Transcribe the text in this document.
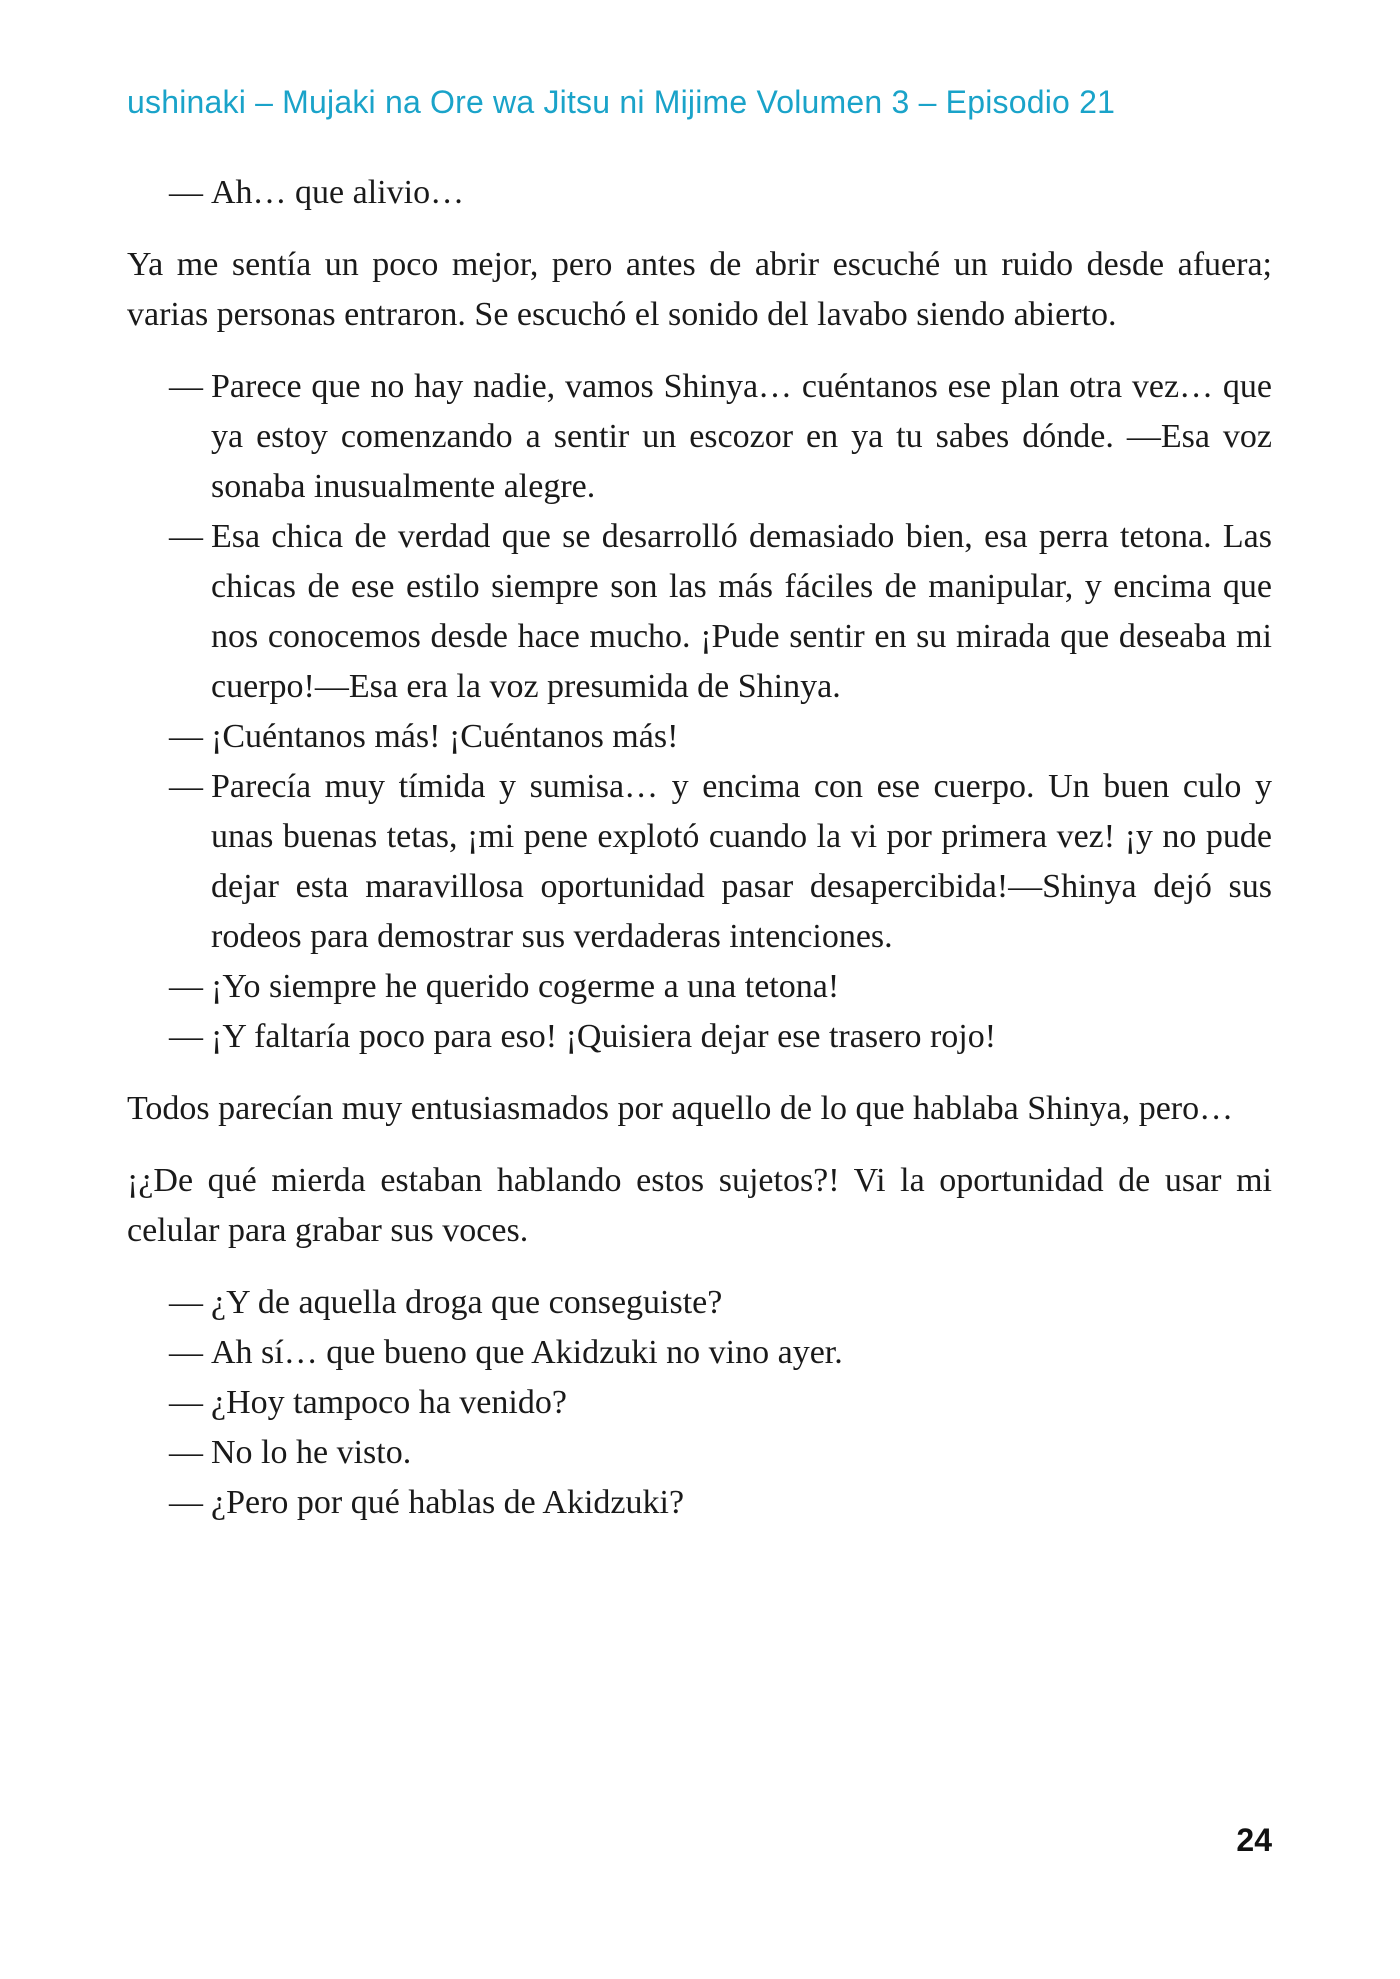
ushinaki – Mujaki na Ore wa Jitsu ni Mijime Volumen 3 – Episodio 21

— Ah… que alivio…

Ya me sentía un poco mejor, pero antes de abrir escuché un ruido desde afuera; varias personas entraron. Se escuchó el sonido del lavabo siendo abierto.

— Parece que no hay nadie, vamos Shinya… cuéntanos ese plan otra vez… que ya estoy comenzando a sentir un escozor en ya tu sabes dónde. —Esa voz sonaba inusualmente alegre.

— Esa chica de verdad que se desarrolló demasiado bien, esa perra tetona. Las chicas de ese estilo siempre son las más fáciles de manipular, y encima que nos conocemos desde hace mucho. ¡Pude sentir en su mirada que deseaba mi cuerpo!—Esa era la voz presumida de Shinya.

— ¡Cuéntanos más! ¡Cuéntanos más!

— Parecía muy tímida y sumisa… y encima con ese cuerpo. Un buen culo y unas buenas tetas, ¡mi pene explotó cuando la vi por primera vez! ¡y no pude dejar esta maravillosa oportunidad pasar desapercibida!—Shinya dejó sus rodeos para demostrar sus verdaderas intenciones.

— ¡Yo siempre he querido cogerme a una tetona!

— ¡Y faltaría poco para eso! ¡Quisiera dejar ese trasero rojo!

Todos parecían muy entusiasmados por aquello de lo que hablaba Shinya, pero…

¡¿De qué mierda estaban hablando estos sujetos?! Vi la oportunidad de usar mi celular para grabar sus voces.

— ¿Y de aquella droga que conseguiste?

— Ah sí… que bueno que Akidzuki no vino ayer.

— ¿Hoy tampoco ha venido?

— No lo he visto.

— ¿Pero por qué hablas de Akidzuki?

24
